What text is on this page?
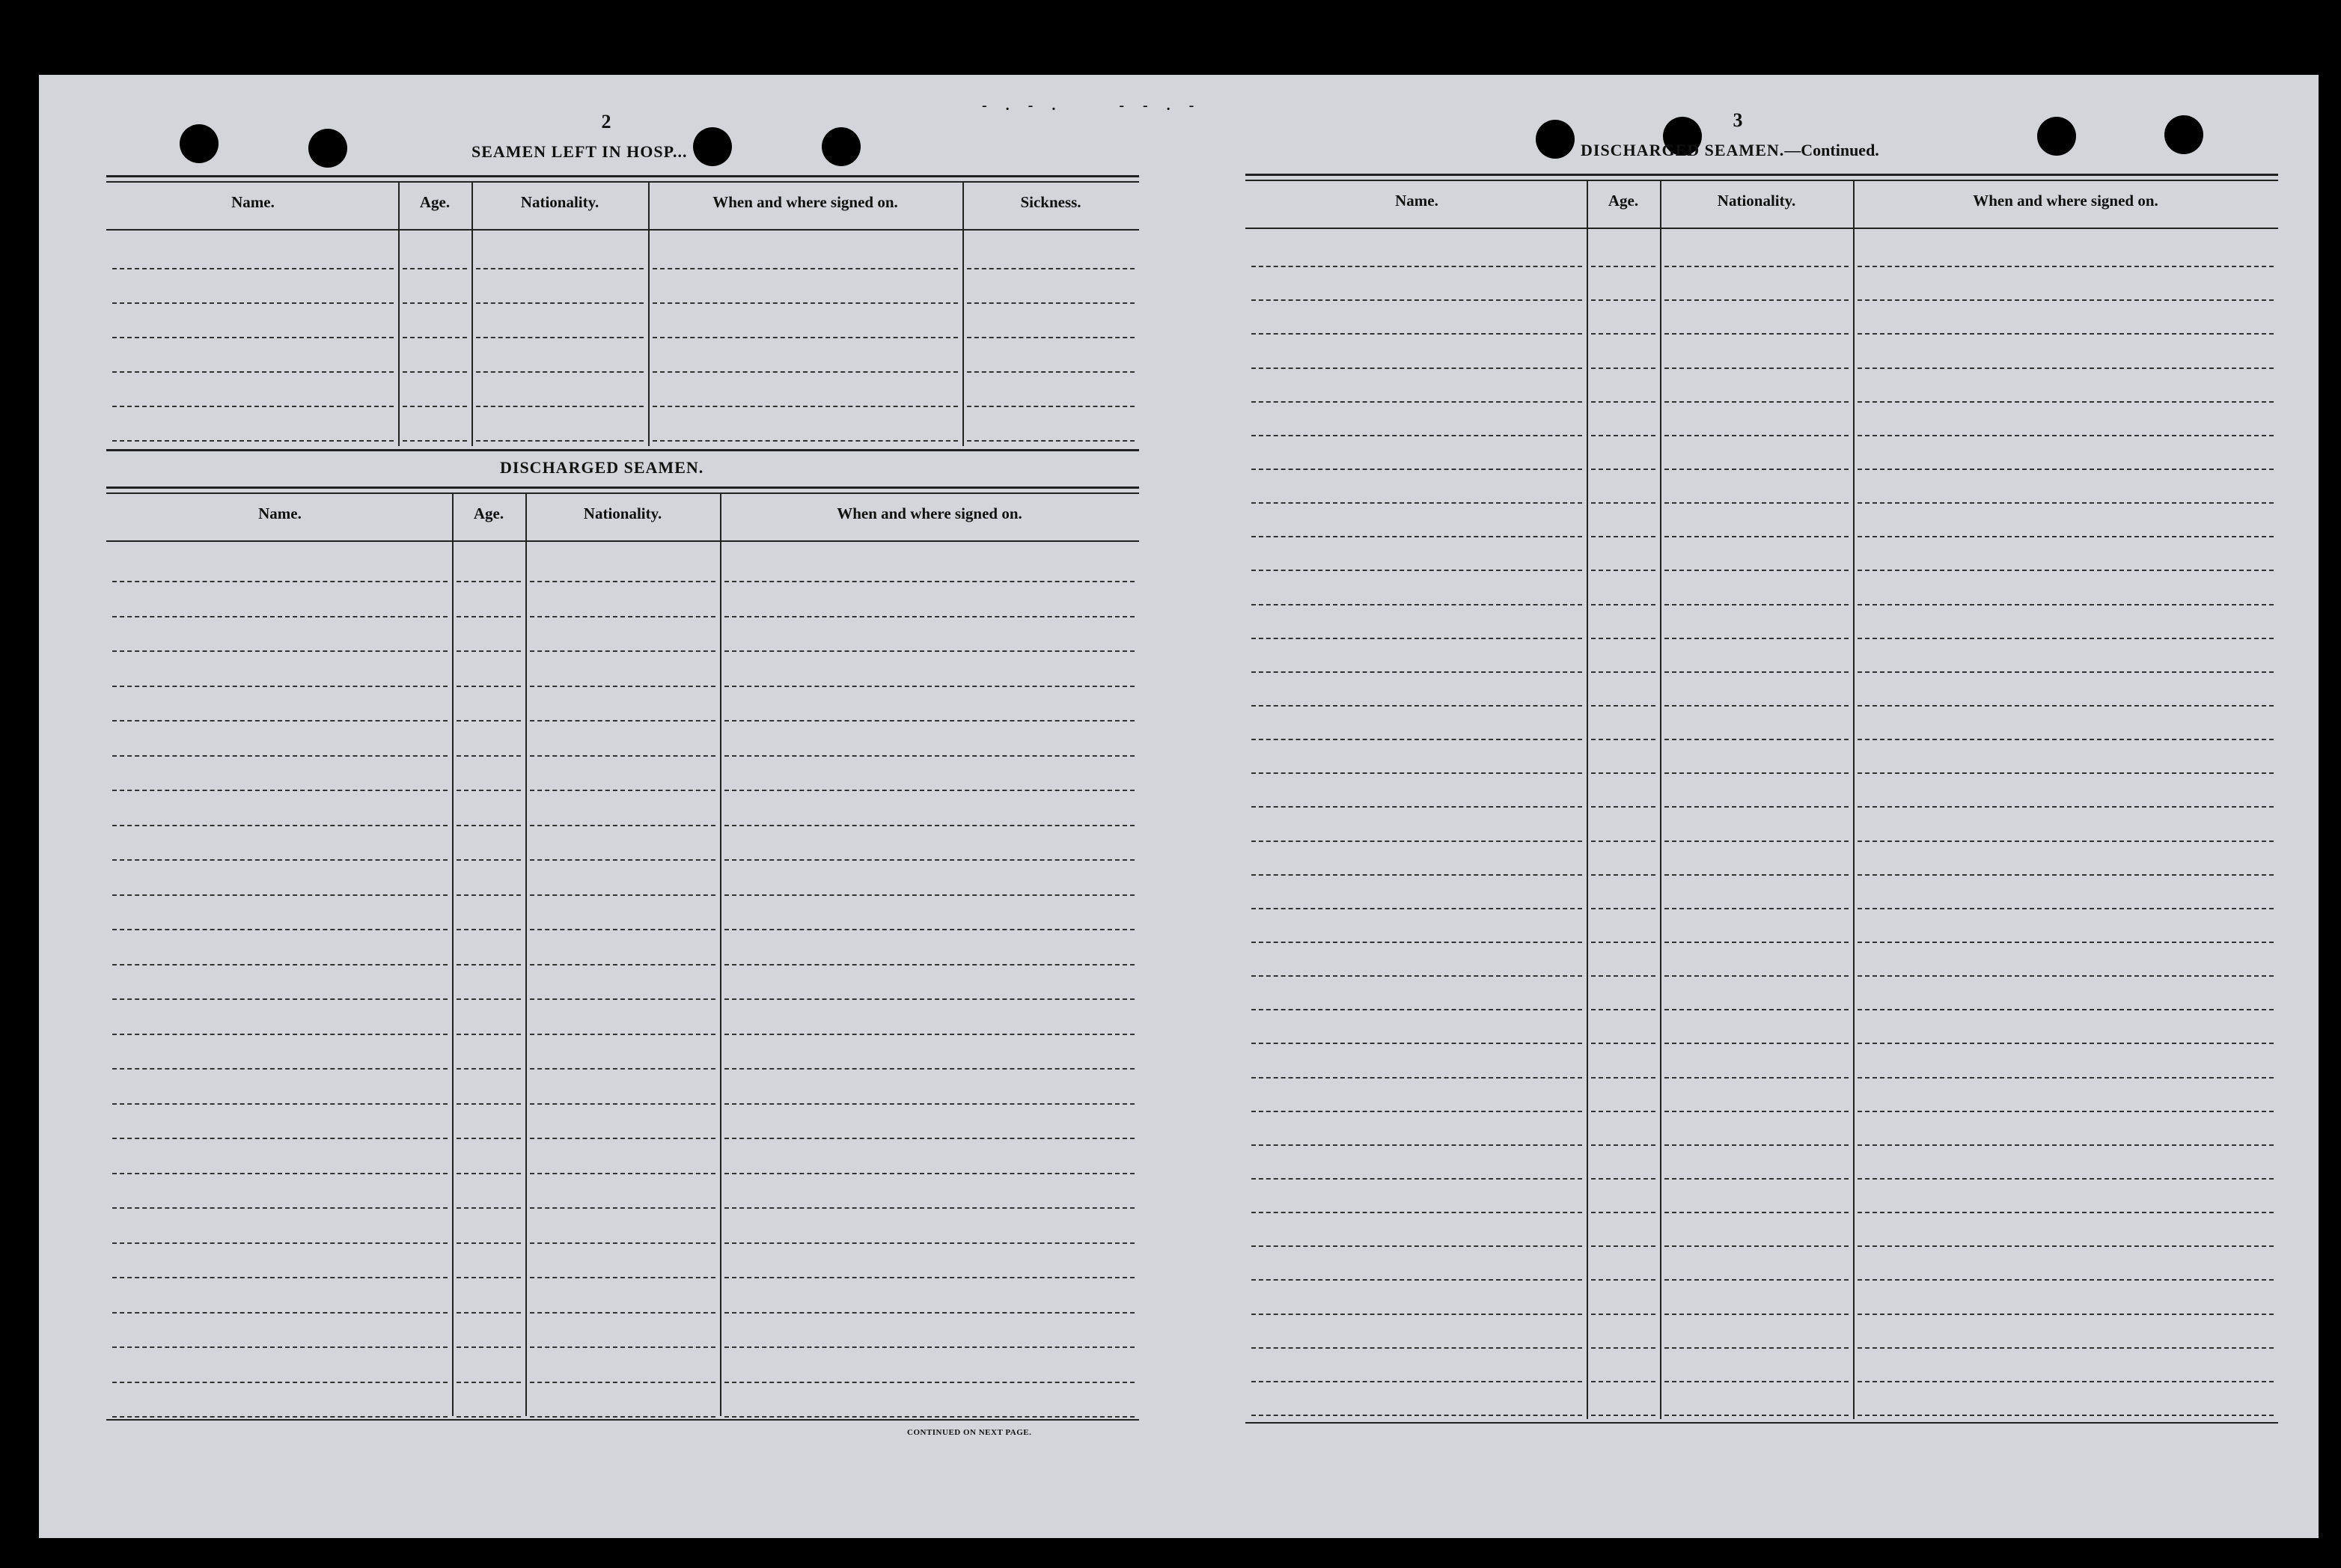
2
SEAMEN LEFT IN HOSP...
Name.	Age.	Nationality.	When and where signed on.	Sickness.
DISCHARGED SEAMEN.
Name.	Age.	Nationality.	When and where signed on.
CONTINUED ON NEXT PAGE.
- . - .     - - . -
3
DISCHARGED SEAMEN.—Continued.
Name.	Age.	Nationality.	When and where signed on.
